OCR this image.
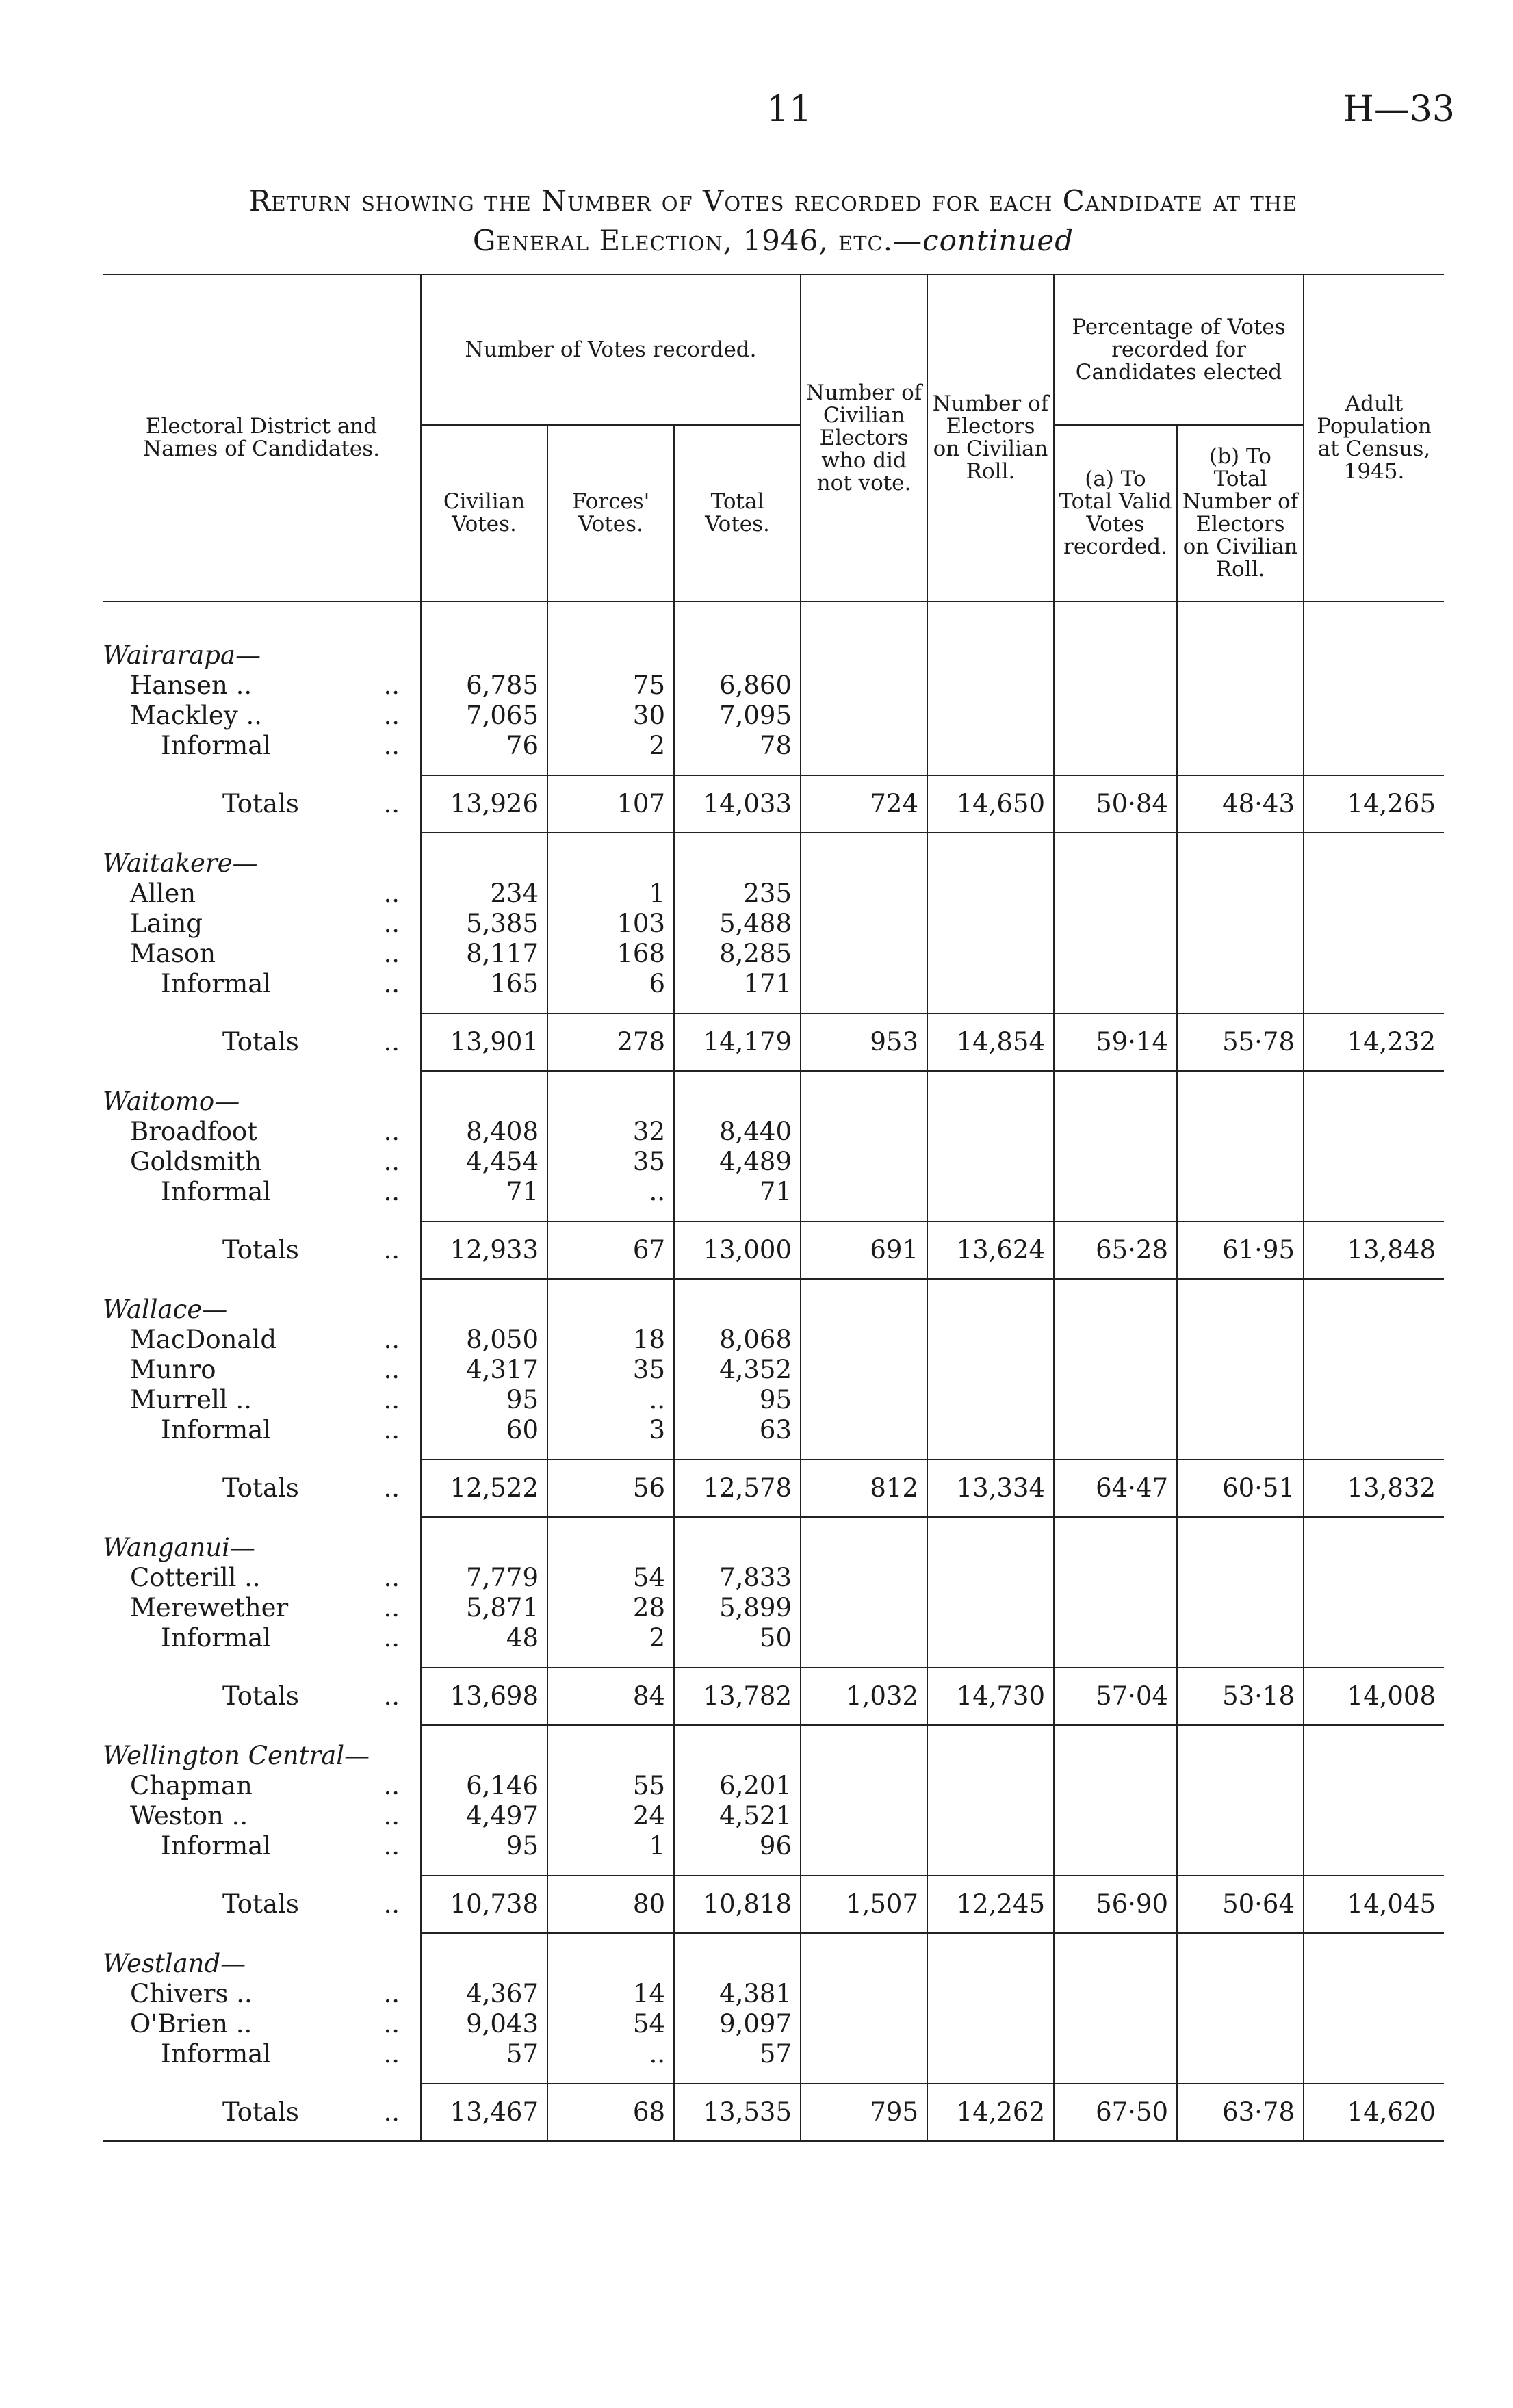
11	H—33
Return showing the Number of Votes recorded for each Candidate at the
General Election, 1946, etc.—continued
Electoral District and Names of Candidates.	Number of Votes recorded.			Number of Civilian Electors who did not vote.	Number of Electors on Civilian Roll.	Percentage of Votes recorded for Candidates elected		Adult Population at Census, 1945.
	Civilian Votes.	Forces' Votes.	Total Votes.			(a) To Total Valid Votes recorded.	(b) To Total Number of Electors on Civilian Roll.	

Wairarapa—								

..
Hansen ..	6,785	75	6,860					

..
Mackley ..	7,065	30	7,095					

..
Informal	76	2	78					

..
Totals	13,926	107	14,033	724	14,650	50·84	48·43	14,265

Waitakere—								

..
Allen	234	1	235					

..
Laing	5,385	103	5,488					

..
Mason	8,117	168	8,285					

..
Informal	165	6	171					

..
Totals	13,901	278	14,179	953	14,854	59·14	55·78	14,232

Waitomo—								

..
Broadfoot	8,408	32	8,440					

..
Goldsmith	4,454	35	4,489					

..
Informal	71	..	71					

..
Totals	12,933	67	13,000	691	13,624	65·28	61·95	13,848

Wallace—								

..
MacDonald	8,050	18	8,068					

..
Munro	4,317	35	4,352					

..
Murrell ..	95	..	95					

..
Informal	60	3	63					

..
Totals	12,522	56	12,578	812	13,334	64·47	60·51	13,832

Wanganui—								

..
Cotterill ..	7,779	54	7,833					

..
Merewether	5,871	28	5,899					

..
Informal	48	2	50					

..
Totals	13,698	84	13,782	1,032	14,730	57·04	53·18	14,008

Wellington Central—								

..
Chapman	6,146	55	6,201					

..
Weston ..	4,497	24	4,521					

..
Informal	95	1	96					

..
Totals	10,738	80	10,818	1,507	12,245	56·90	50·64	14,045

Westland—								

..
Chivers ..	4,367	14	4,381					

..
O'Brien ..	9,043	54	9,097					

..
Informal	57	..	57					

..
Totals	13,467	68	13,535	795	14,262	67·50	63·78	14,620
